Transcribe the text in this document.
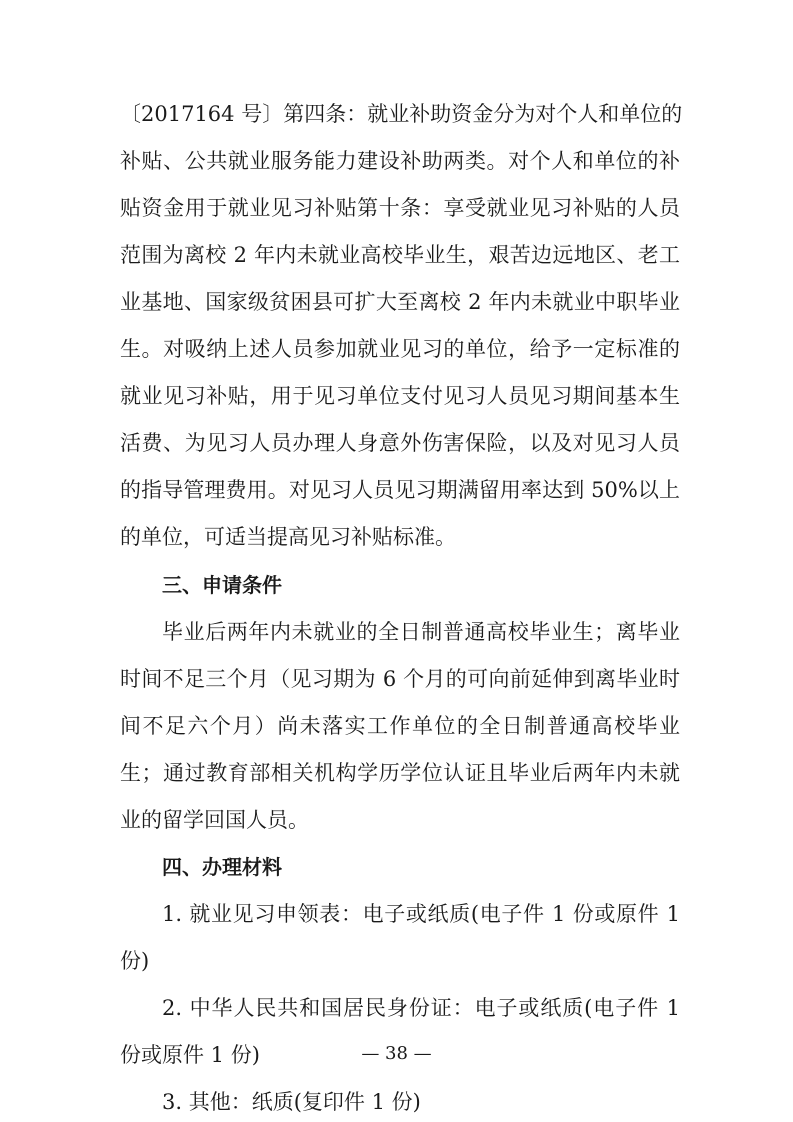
〔2017164 号〕第四条：就业补助资金分为对个人和单位的
补贴、公共就业服务能力建设补助两类。对个人和单位的补
贴资金用于就业见习补贴第十条：享受就业见习补贴的人员
范围为离校 2 年内未就业高校毕业生，艰苦边远地区、老工
业基地、国家级贫困县可扩大至离校 2 年内未就业中职毕业
生。对吸纳上述人员参加就业见习的单位，给予一定标准的
就业见习补贴，用于见习单位支付见习人员见习期间基本生
活费、为见习人员办理人身意外伤害保险，以及对见习人员
的指导管理费用。对见习人员见习期满留用率达到 50%以上
的单位，可适当提高见习补贴标准。
三、申请条件
毕业后两年内未就业的全日制普通高校毕业生；离毕业
时间不足三个月（见习期为 6 个月的可向前延伸到离毕业时
间不足六个月）尚未落实工作单位的全日制普通高校毕业
生；通过教育部相关机构学历学位认证且毕业后两年内未就
业的留学回国人员。
四、办理材料
1. 就业见习申领表：电子或纸质(电子件 1 份或原件 1
份)
2. 中华人民共和国居民身份证：电子或纸质(电子件 1
份或原件 1 份)
3. 其他：纸质(复印件 1 份)
— 38 —
